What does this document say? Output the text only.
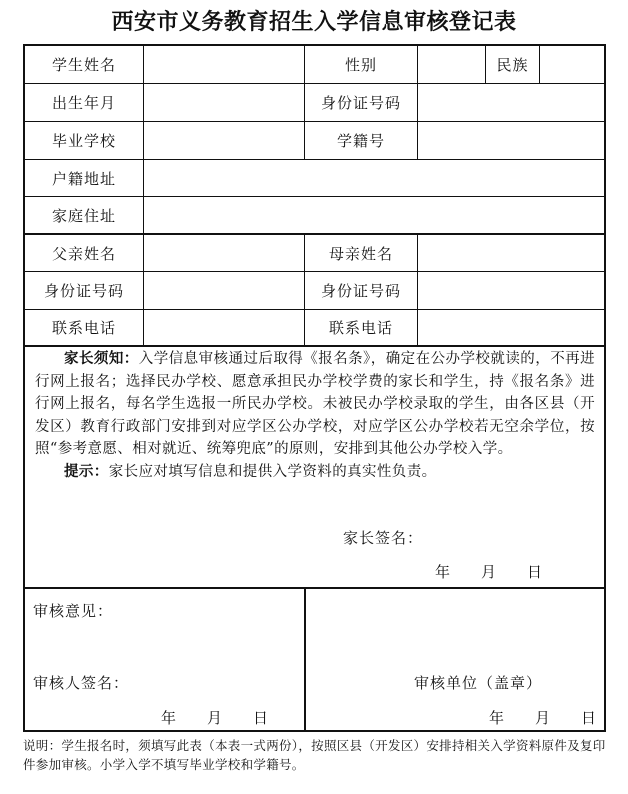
西安市义务教育招生入学信息审核登记表
学生姓名	性别	民族
出生年月	身份证号码
毕业学校	学籍号
户籍地址
家庭住址
父亲姓名	母亲姓名
身份证号码	身份证号码
联系电话	联系电话

家长须知：入学信息审核通过后取得《报名条》，确定在公办学校就读的，不再进行网上报名；选择民办学校、愿意承担民办学校学费的家长和学生，持《报名条》进行网上报名，每名学生选报一所民办学校。未被民办学校录取的学生，由各区县（开发区）教育行政部门安排到对应学区公办学校，对应学区公办学校若无空余学位，按照“参考意愿、相对就近、统筹兜底”的原则，安排到其他公办学校入学。

提示：家长应对填写信息和提供入学资料的真实性负责。

家长签名：
年 月 日
审核意见：
审核人签名：
年 月 日
审核单位（盖章）
年 月 日
说明：学生报名时，须填写此表（本表一式两份），按照区县（开发区）安排持相关入学资料原件及复印件参加审核。小学入学不填写毕业学校和学籍号。
